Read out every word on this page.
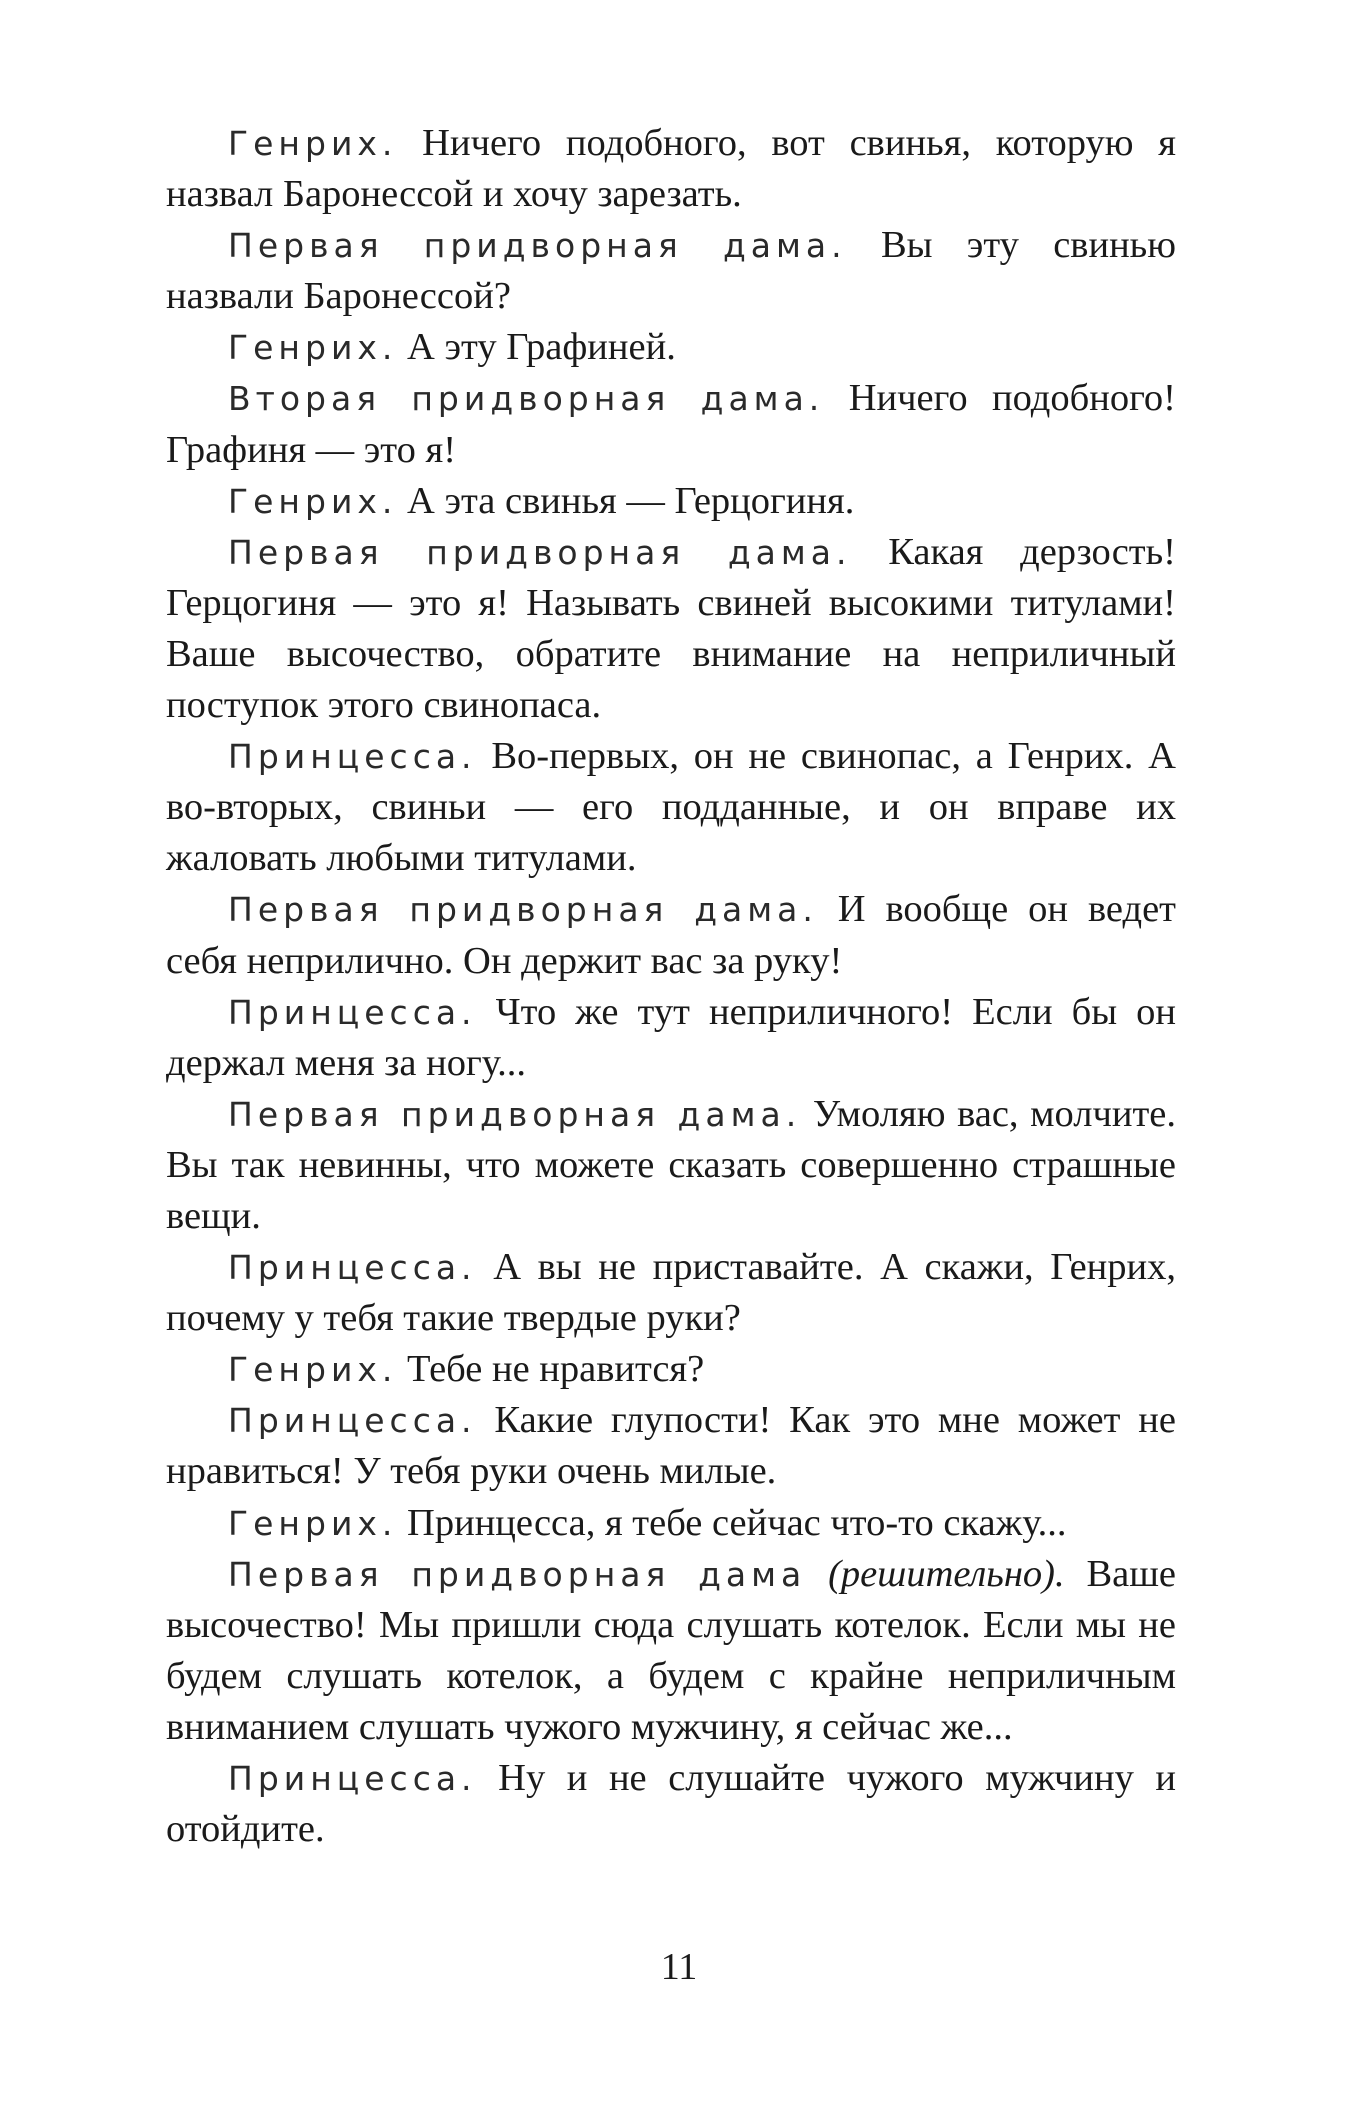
Генрих. Ничего подобного, вот свинья, которую я назвал Баронессой и хочу зарезать.

Первая придворная дама. Вы эту свинью назвали Баронессой?

Генрих. А эту Графиней.

Вторая придворная дама. Ничего подобного! Графиня — это я!

Генрих. А эта свинья — Герцогиня.

Первая придворная дама. Какая дерзость! Герцогиня — это я! Называть свиней высокими титулами! Ваше высочество, обратите внимание на неприличный поступок этого свинопаса.

Принцесса. Во-первых, он не свинопас, а Генрих. А во-вторых, свиньи — его подданные, и он вправе их жаловать любыми титулами.

Первая придворная дама. И вообще он ведет себя неприлично. Он держит вас за руку!

Принцесса. Что же тут неприличного! Если бы он держал меня за ногу...

Первая придворная дама. Умоляю вас, молчите. Вы так невинны, что можете сказать совершенно страшные вещи.

Принцесса. А вы не приставайте. А скажи, Генрих, почему у тебя такие твердые руки?

Генрих. Тебе не нравится?

Принцесса. Какие глупости! Как это мне может не нравиться! У тебя руки очень милые.

Генрих. Принцесса, я тебе сейчас что-то скажу...

Первая придворная дама (решительно). Ваше высочество! Мы пришли сюда слушать котелок. Если мы не будем слушать котелок, а будем с крайне неприличным вниманием слушать чужого мужчину, я сейчас же...

Принцесса. Ну и не слушайте чужого мужчину и отойдите.

11
